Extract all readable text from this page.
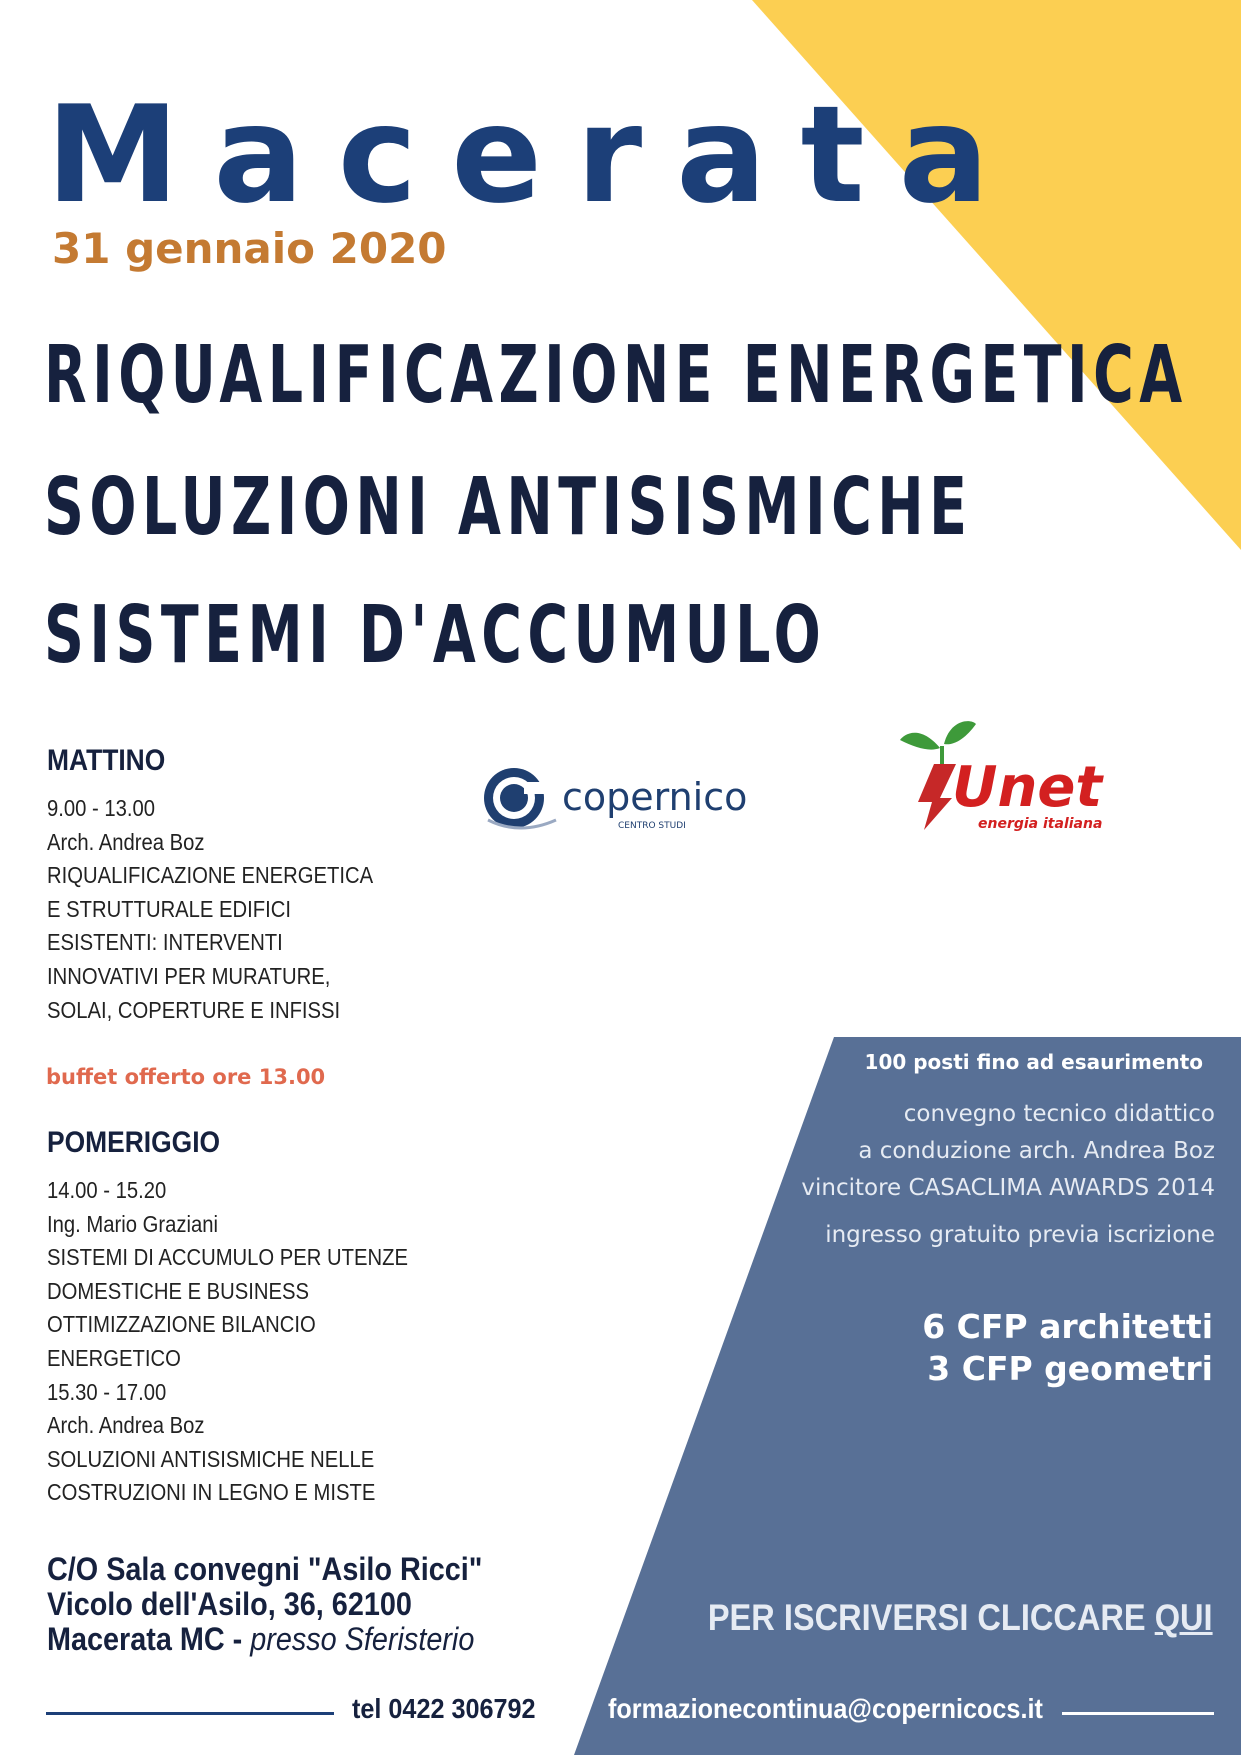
Macerata
31 gennaio 2020
RIQUALIFICAZIONE ENERGETICA
SOLUZIONI ANTISISMICHE
SISTEMI D'ACCUMULO
MATTINO
9.00 - 13.00
Arch. Andrea Boz
RIQUALIFICAZIONE ENERGETICA
E STRUTTURALE EDIFICI
ESISTENTI: INTERVENTI
INNOVATIVI PER MURATURE,
SOLAI, COPERTURE E INFISSI
buffet offerto ore 13.00
POMERIGGIO
14.00 - 15.20
Ing. Mario Graziani
SISTEMI DI ACCUMULO PER UTENZE
DOMESTICHE E BUSINESS
OTTIMIZZAZIONE BILANCIO
ENERGETICO
15.30 - 17.00
Arch. Andrea Boz
SOLUZIONI ANTISISMICHE NELLE
COSTRUZIONI IN LEGNO E MISTE
C/O Sala convegni "Asilo Ricci"
Vicolo dell'Asilo, 36, 62100
Macerata MC - presso Sferisterio
tel 0422 306792	formazionecontinua@copernicocs.it
100 posti fino ad esaurimento
convegno tecnico didattico
a conduzione arch. Andrea Boz
vincitore CASACLIMA AWARDS 2014
ingresso gratuito previa iscrizione
6 CFP architetti
3 CFP geometri
PER ISCRIVERSI CLICCARE QUI
copernico
CENTRO STUDI
Unet
energia italiana
